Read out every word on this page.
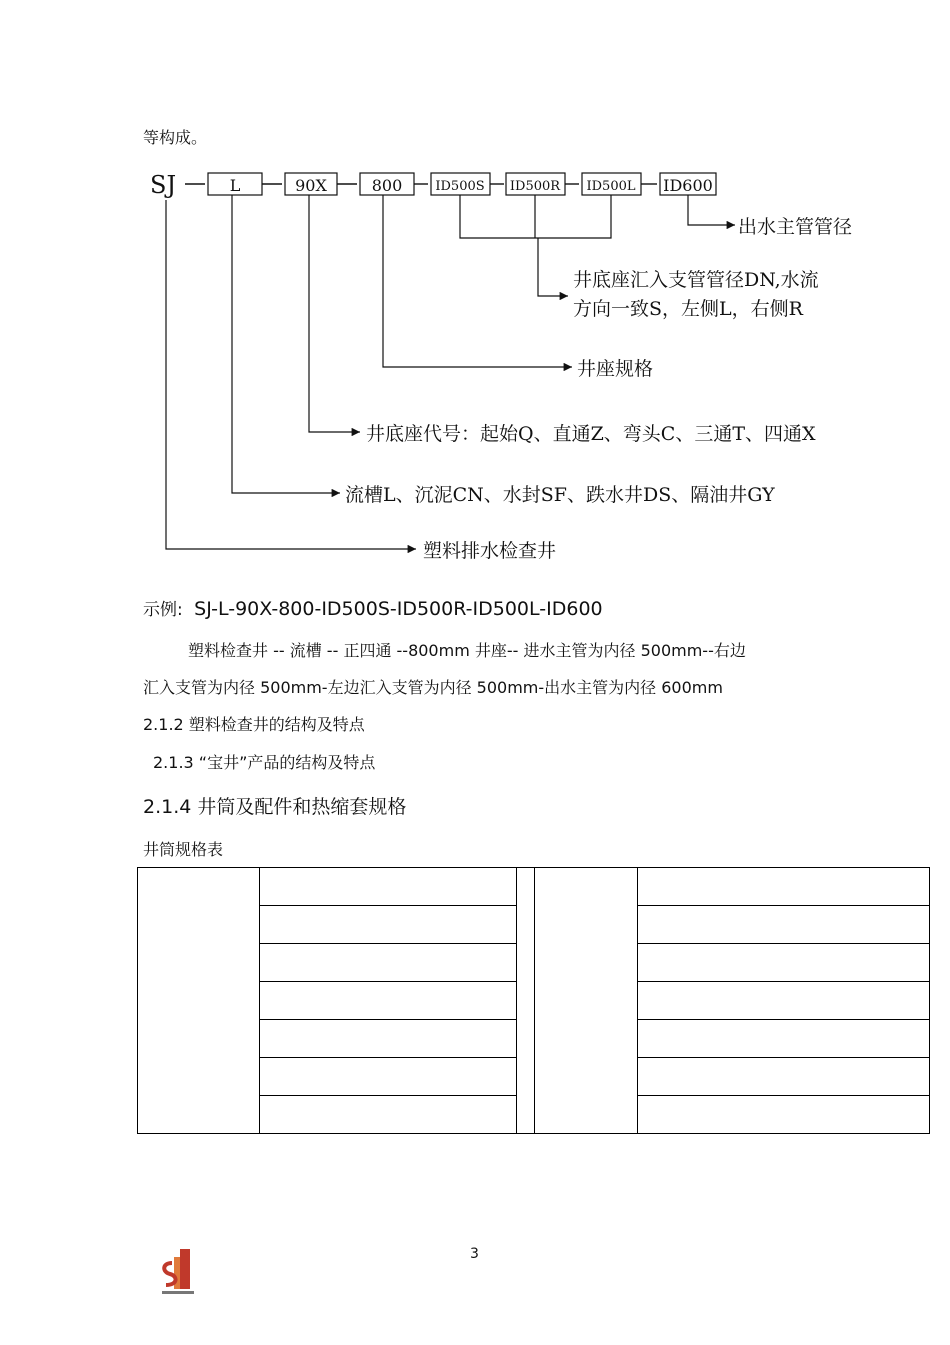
等构成。
SJ	L	90X	800	ID500S ID500R ID500L ID600
出水主管管径
井底座汇入支管管径DN,水流
方向一致S，左侧L，右侧R
井座规格
井底座代号：起始Q、直通Z、弯头C、三通T、四通X
流槽L、沉泥CN、水封SF、跌水井DS、隔油井GY
塑料排水检查井
示例: SJ-L-90X-800-ID500S-ID500R-ID500L-ID600
塑料检查井 -- 流槽 -- 正四通 --800mm 井座-- 进水主管为内径 500mm--右边
汇入支管为内径 500mm-左边汇入支管为内径 500mm-出水主管为内径 600mm
2.1.2 塑料检查井的结构及特点
2.1.3 “宝井”产品的结构及特点
2.1.4 井筒及配件和热缩套规格
井筒规格表

3
